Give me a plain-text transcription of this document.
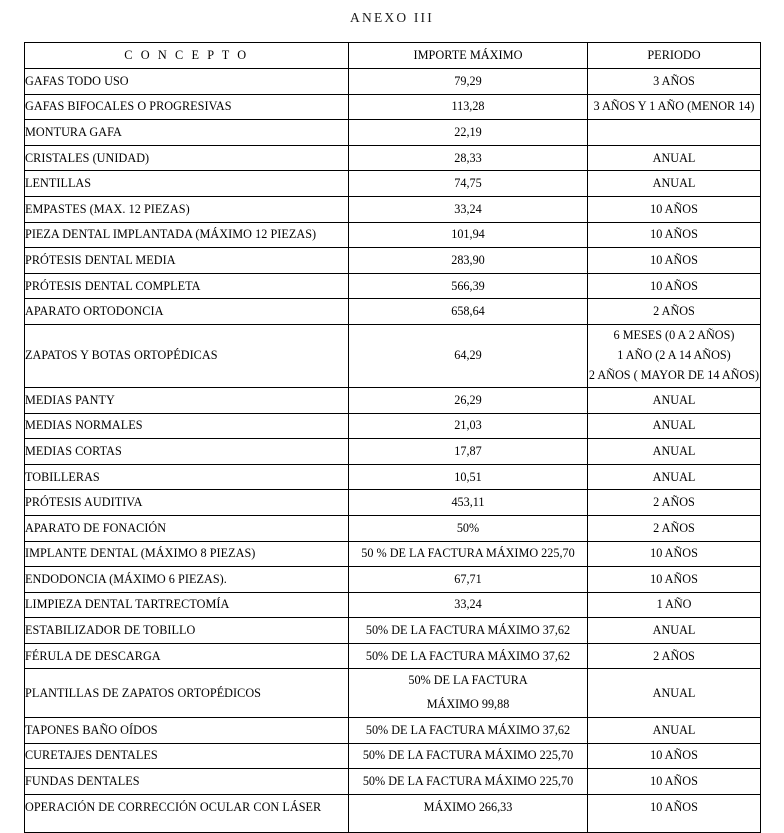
ANEXO III
C O N C E P T O	IMPORTE MÁXIMO	PERIODO
GAFAS TODO USO	79,29	3 AÑOS
GAFAS BIFOCALES O PROGRESIVAS	113,28	3 AÑOS Y 1 AÑO (MENOR 14)
MONTURA GAFA	22,19	
CRISTALES (UNIDAD)	28,33	ANUAL
LENTILLAS	74,75	ANUAL
EMPASTES (MAX. 12 PIEZAS)	33,24	10 AÑOS
PIEZA DENTAL IMPLANTADA (MÁXIMO 12 PIEZAS)	101,94	10 AÑOS
PRÓTESIS DENTAL MEDIA	283,90	10 AÑOS
PRÓTESIS DENTAL COMPLETA	566,39	10 AÑOS
APARATO ORTODONCIA	658,64	2 AÑOS
ZAPATOS Y BOTAS ORTOPÉDICAS	64,29	6 MESES (0 A 2 AÑOS)
1 AÑO (2 A 14 AÑOS)
2 AÑOS ( MAYOR DE 14 AÑOS)

MEDIAS PANTY	26,29	ANUAL
MEDIAS NORMALES	21,03	ANUAL
MEDIAS CORTAS	17,87	ANUAL
TOBILLERAS	10,51	ANUAL
PRÓTESIS AUDITIVA	453,11	2 AÑOS
APARATO DE FONACIÓN	50%	2 AÑOS
IMPLANTE DENTAL (MÁXIMO 8 PIEZAS)	50 % DE LA FACTURA MÁXIMO 225,70	10 AÑOS
ENDODONCIA (MÁXIMO 6 PIEZAS).	67,71	10 AÑOS
LIMPIEZA DENTAL TARTRECTOMÍA	33,24	1 AÑO
ESTABILIZADOR DE TOBILLO	50% DE LA FACTURA MÁXIMO 37,62	ANUAL
FÉRULA DE DESCARGA	50% DE LA FACTURA MÁXIMO 37,62	2 AÑOS
PLANTILLAS DE ZAPATOS ORTOPÉDICOS	50% DE LA FACTURA
MÁXIMO 99,88	ANUAL
TAPONES BAÑO OÍDOS	50% DE LA FACTURA MÁXIMO 37,62	ANUAL
CURETAJES DENTALES	50% DE LA FACTURA MÁXIMO 225,70	10 AÑOS
FUNDAS DENTALES	50% DE LA FACTURA MÁXIMO 225,70	10 AÑOS
OPERACIÓN DE CORRECCIÓN OCULAR CON LÁSER	MÁXIMO 266,33	10 AÑOS
